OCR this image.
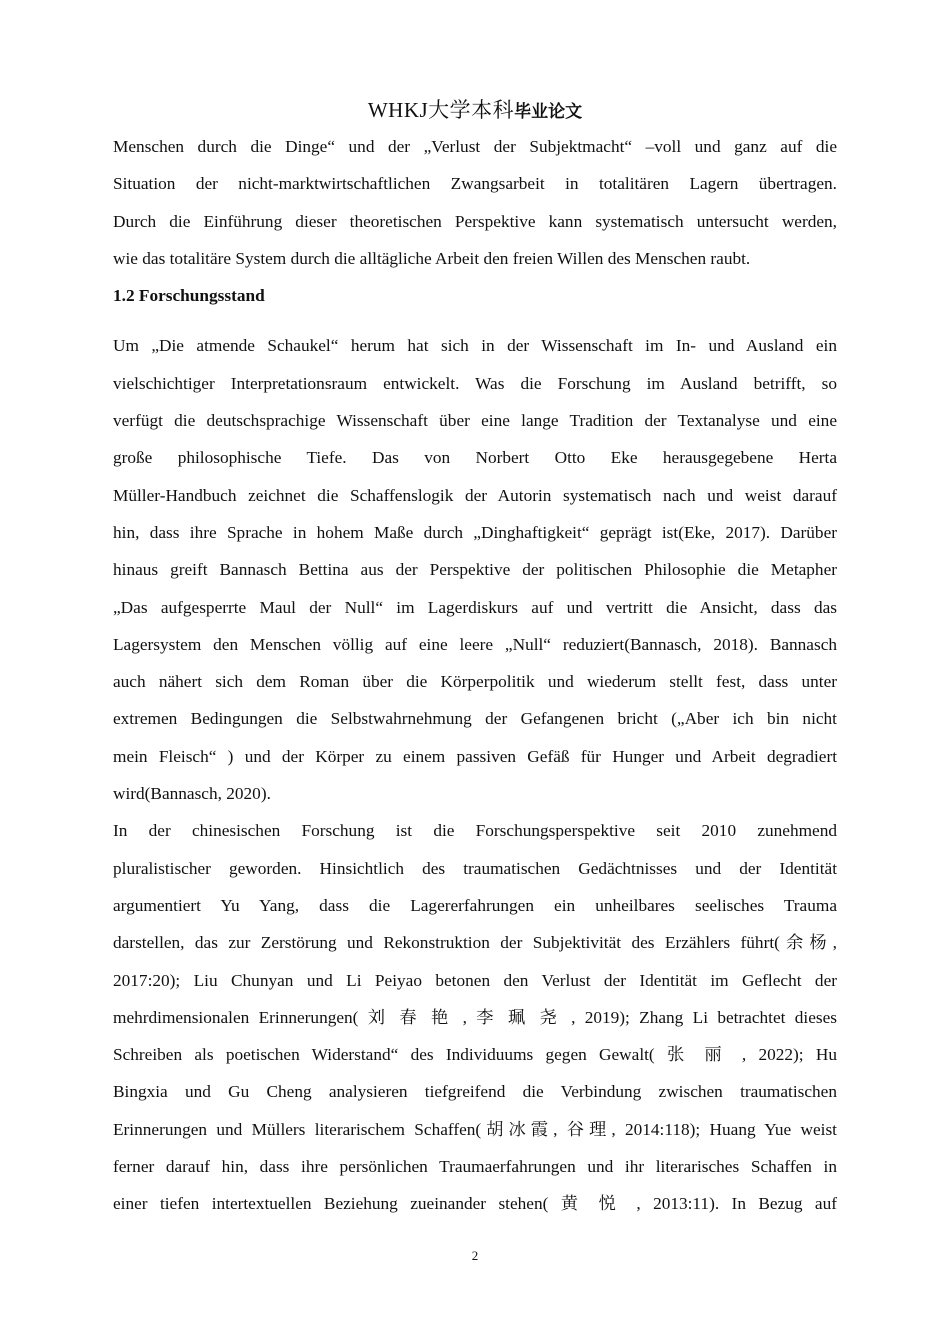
WHKJ大学本科毕业论文
Menschen durch die Dinge“ und der „Verlust der Subjektmacht“ –voll und ganz auf die
Situation der nicht-marktwirtschaftlichen Zwangsarbeit in totalitären Lagern übertragen.
Durch die Einführung dieser theoretischen Perspektive kann systematisch untersucht werden,
wie das totalitäre System durch die alltägliche Arbeit den freien Willen des Menschen raubt.
1.2 Forschungsstand
Um „Die atmende Schaukel“ herum hat sich in der Wissenschaft im In- und Ausland ein
vielschichtiger Interpretationsraum entwickelt. Was die Forschung im Ausland betrifft, so
verfügt die deutschsprachige Wissenschaft über eine lange Tradition der Textanalyse und eine
große philosophische Tiefe. Das von Norbert Otto Eke herausgegebene Herta
Müller-Handbuch zeichnet die Schaffenslogik der Autorin systematisch nach und weist darauf
hin, dass ihre Sprache in hohem Maße durch „Dinghaftigkeit“ geprägt ist(Eke, 2017). Darüber
hinaus greift Bannasch Bettina aus der Perspektive der politischen Philosophie die Metapher
„Das aufgesperrte Maul der Null“ im Lagerdiskurs auf und vertritt die Ansicht, dass das
Lagersystem den Menschen völlig auf eine leere „Null“ reduziert(Bannasch, 2018). Bannasch
auch nähert sich dem Roman über die Körperpolitik und wiederum stellt fest, dass unter
extremen Bedingungen die Selbstwahrnehmung der Gefangenen bricht („Aber ich bin nicht
mein Fleisch“ ) und der Körper zu einem passiven Gefäß für Hunger und Arbeit degradiert
wird(Bannasch, 2020).
In der chinesischen Forschung ist die Forschungsperspektive seit 2010 zunehmend
pluralistischer geworden. Hinsichtlich des traumatischen Gedächtnisses und der Identität
argumentiert Yu Yang, dass die Lagererfahrungen ein unheilbares seelisches Trauma
darstellen, das zur Zerstörung und Rekonstruktion der Subjektivität des Erzählers führt(余杨,
2017:20); Liu Chunyan und Li Peiyao betonen den Verlust der Identität im Geflecht der
mehrdimensionalen Erinnerungen( 刘 春 艳 , 李 珮 尧 , 2019); Zhang Li betrachtet dieses
Schreiben als poetischen Widerstand“ des Individuums gegen Gewalt( 张 丽 , 2022); Hu
Bingxia und Gu Cheng analysieren tiefgreifend die Verbindung zwischen traumatischen
Erinnerungen und Müllers literarischem Schaffen(胡冰霞, 谷理, 2014:118); Huang Yue weist
ferner darauf hin, dass ihre persönlichen Traumaerfahrungen und ihr literarisches Schaffen in
einer tiefen intertextuellen Beziehung zueinander stehen( 黄 悦 , 2013:11). In Bezug auf
2
